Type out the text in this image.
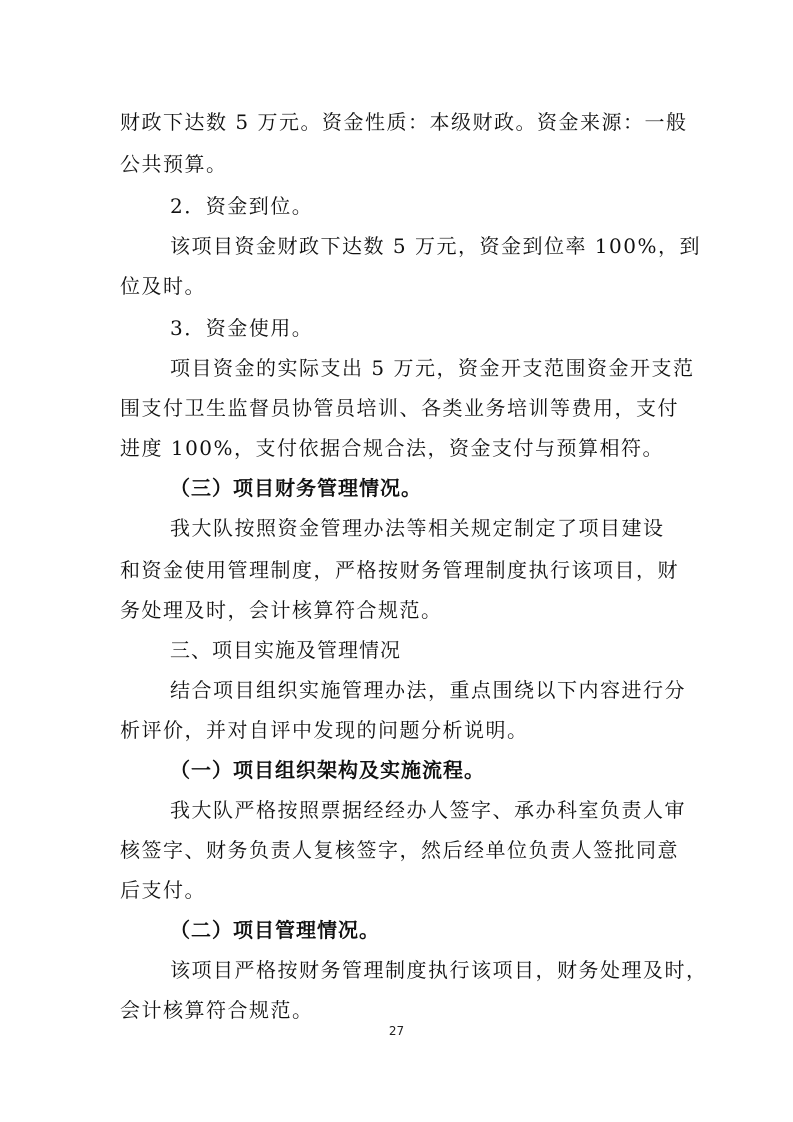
财政下达数 5 万元。资金性质：本级财政。资金来源：一般
公共预算。
2．资金到位。
该项目资金财政下达数 5 万元，资金到位率 100%，到
位及时。
3．资金使用。
项目资金的实际支出 5 万元，资金开支范围资金开支范
围支付卫生监督员协管员培训、各类业务培训等费用，支付
进度 100%，支付依据合规合法，资金支付与预算相符。
（三）项目财务管理情况。
我大队按照资金管理办法等相关规定制定了项目建设
和资金使用管理制度，严格按财务管理制度执行该项目，财
务处理及时，会计核算符合规范。
三、项目实施及管理情况
结合项目组织实施管理办法，重点围绕以下内容进行分
析评价，并对自评中发现的问题分析说明。
（一）项目组织架构及实施流程。
我大队严格按照票据经经办人签字、承办科室负责人审
核签字、财务负责人复核签字，然后经单位负责人签批同意
后支付。
（二）项目管理情况。
该项目严格按财务管理制度执行该项目，财务处理及时，
会计核算符合规范。
27
